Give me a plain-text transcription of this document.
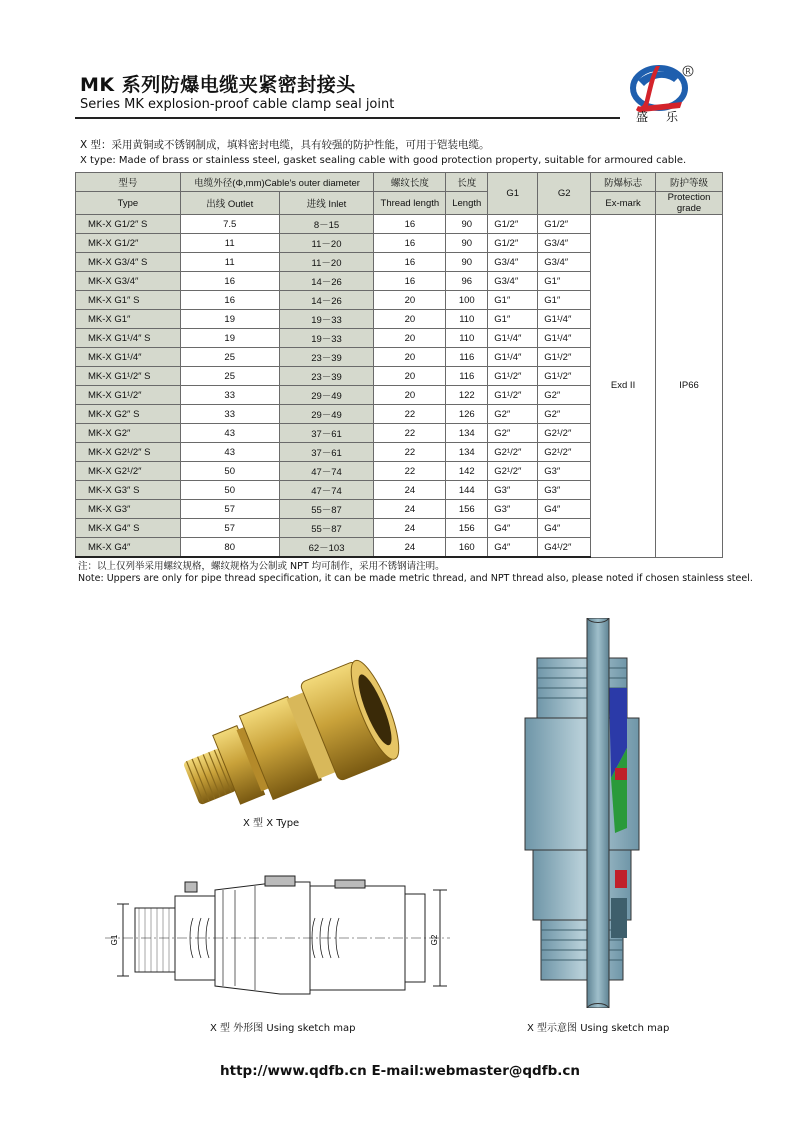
MK 系列防爆电缆夹紧密封接头
Series MK explosion-proof cable clamp seal joint
R
盛乐
X 型：采用黄铜或不锈钢制成，填料密封电缆，具有较强的防护性能，可用于铠装电缆。
X type: Made of brass or stainless steel, gasket sealing cable with good protection property, suitable for armoured cable.
型号	电缆外径(Φ,mm)Cable's outer diameter		螺纹长度	长度	G1	G2	防爆标志	防护等级
Type	出线 Outlet	进线 Inlet	Thread length	Length			Ex-mark	Protection grade
MK-X G1/2″ S	7.5	8－15	16	90	G1/2″	G1/2″	Exd II	IP66
MK-X G1/2″	11	11－20	16	90	G1/2″	G3/4″		
MK-X G3/4″ S	11	11－20	16	90	G3/4″	G3/4″		
MK-X G3/4″	16	14－26	16	96	G3/4″	G1″		
MK-X G1″ S	16	14－26	20	100	G1″	G1″		
MK-X G1″	19	19－33	20	110	G1″	G1¹/4″		
MK-X G1¹/4″ S	19	19－33	20	110	G1¹/4″	G1¹/4″		
MK-X G1¹/4″	25	23－39	20	116	G1¹/4″	G1¹/2″		
MK-X G1¹/2″ S	25	23－39	20	116	G1¹/2″	G1¹/2″		
MK-X G1¹/2″	33	29－49	20	122	G1¹/2″	G2″		
MK-X G2″ S	33	29－49	22	126	G2″	G2″		
MK-X G2″	43	37－61	22	134	G2″	G2¹/2″		
MK-X G2¹/2″ S	43	37－61	22	134	G2¹/2″	G2¹/2″		
MK-X G2¹/2″	50	47－74	22	142	G2¹/2″	G3″		
MK-X G3″ S	50	47－74	24	144	G3″	G3″		
MK-X G3″	57	55－87	24	156	G3″	G4″		
MK-X G4″ S	57	55－87	24	156	G4″	G4″		
MK-X G4″	80	62－103	24	160	G4″	G4¹/2″		
注：以上仅列举采用螺纹规格，螺纹规格为公制或 NPT 均可制作，采用不锈钢请注明。
Note: Uppers are only for pipe thread specification, it can be made metric thread, and NPT thread also, please noted if chosen stainless steel.
X 型 X Type
G1	G2
X 型 外形图 Using sketch map	X 型示意图 Using sketch map
http://www.qdfb.cn E-mail:webmaster@qdfb.cn
